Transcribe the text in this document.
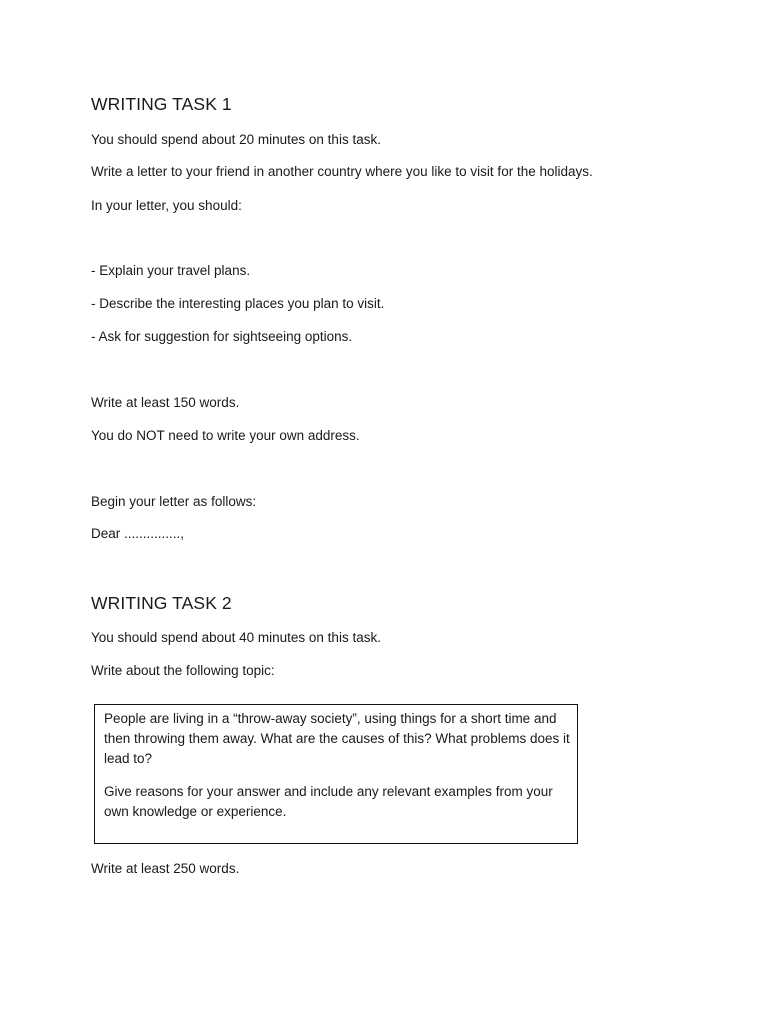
WRITING TASK 1

You should spend about 20 minutes on this task.

Write a letter to your friend in another country where you like to visit for the holidays.

In your letter, you should:

- Explain your travel plans.

- Describe the interesting places you plan to visit.

- Ask for suggestion for sightseeing options.

Write at least 150 words.

You do NOT need to write your own address.

Begin your letter as follows:

Dear ...............,

WRITING TASK 2

You should spend about 40 minutes on this task.

Write about the following topic:

People are living in a “throw-away society”, using things for a short time and then throwing them away. What are the causes of this? What problems does it lead to?

Give reasons for your answer and include any relevant examples from your own knowledge or experience.

Write at least 250 words.
